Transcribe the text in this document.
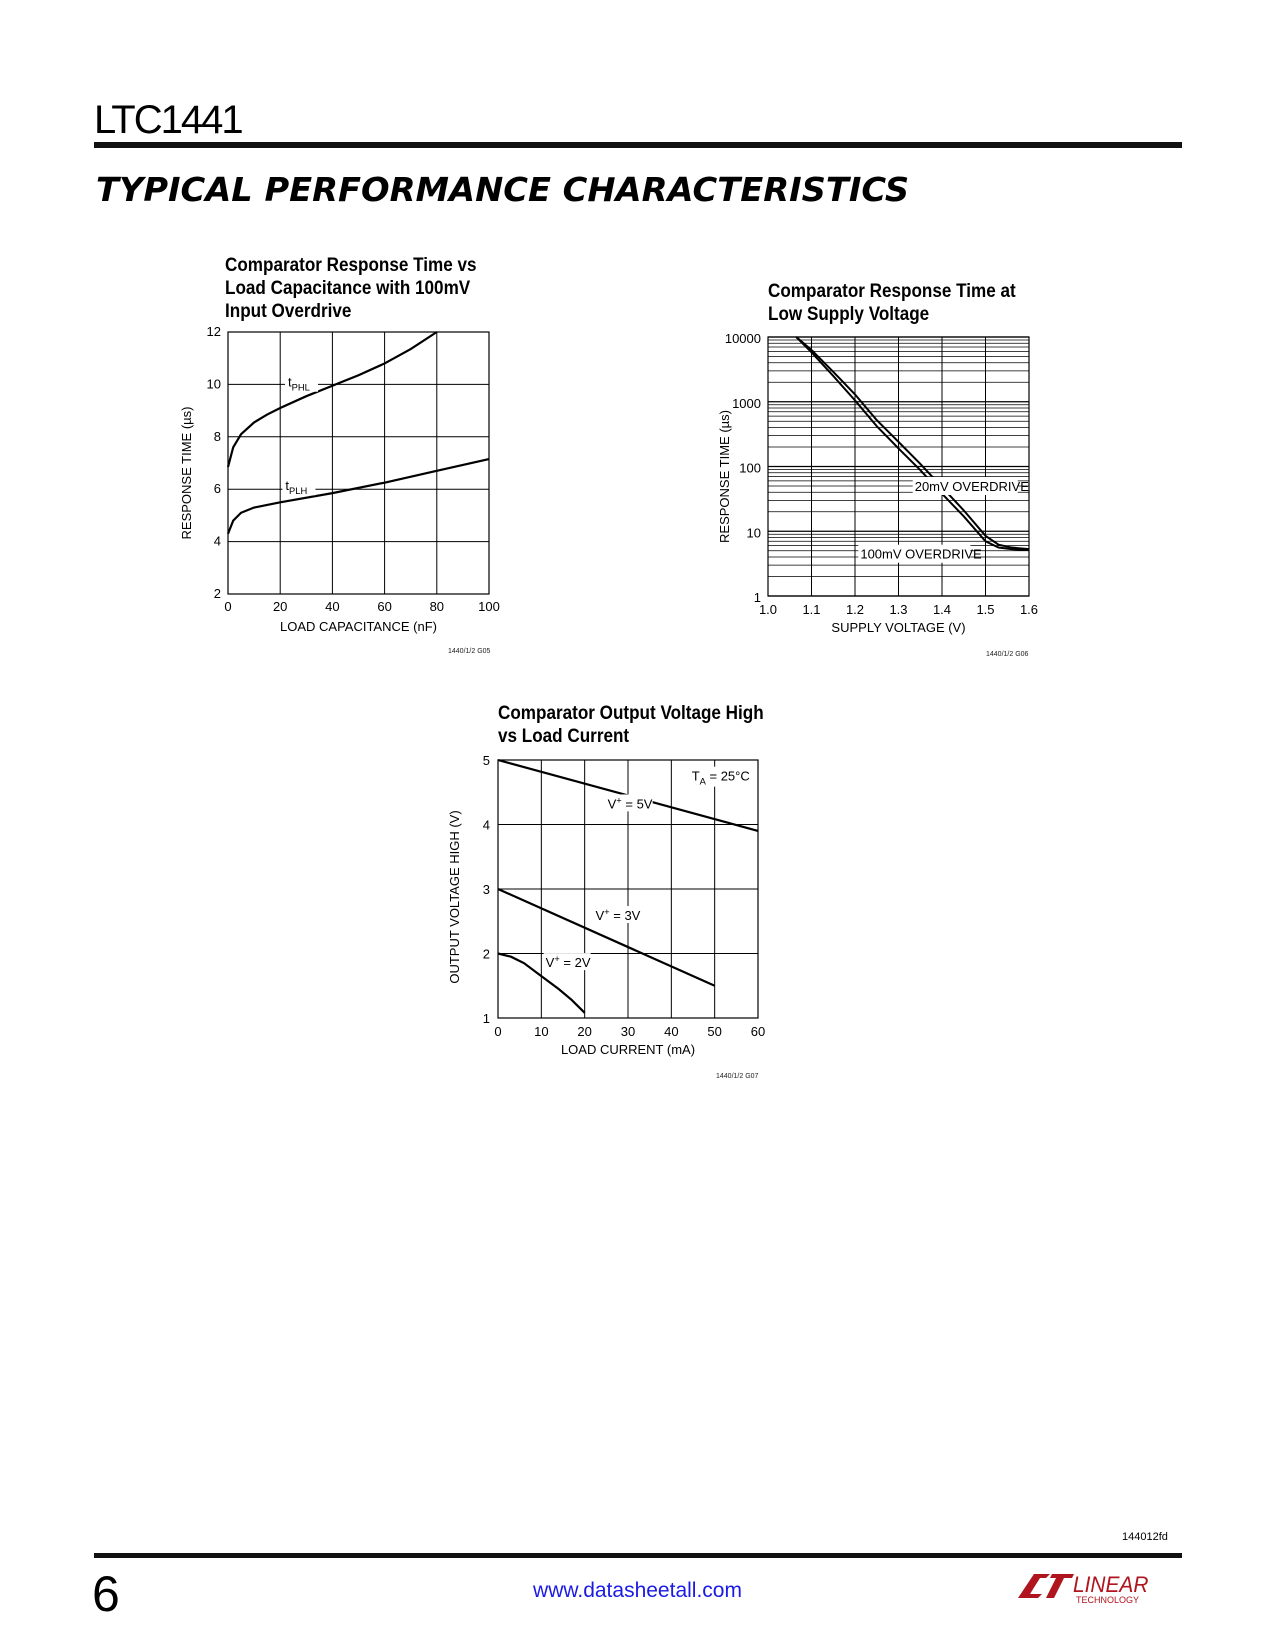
LTC1441
TYPICAL PERFORMANCE CHARACTERISTICS
Comparator Response Time vs
Load Capacitance with 100mV
Input Overdrive
0	20	40	60	80	100
2
4
6
8
10
12
$t_{PHL}$
$t_{PLH}$
LOAD CAPACITANCE (nF)
RESPONSE TIME (µs)
1440/1/2 G05
Comparator Response Time at
Low Supply Voltage
1.0 1.1 1.2 1.3 1.4 1.5 1.6
1
10
100
1000
10000
20mV OVERDRIVE
100mV OVERDRIVE
SUPPLY VOLTAGE (V)
RESPONSE TIME (µs)
1440/1/2 G06
Comparator Output Voltage High
vs Load Current
0 10 20 30 40 50 60
1
2
3
4
5
$T_A = 25^\circ C$
V+ = 5V
V+ = 3V
V+ = 2V
LOAD CURRENT (mA)
OUTPUT VOLTAGE HIGH (V)
1440/1/2 G07
144012fd
6	www.datasheetall.com	LINEAR
TECHNOLOGY
